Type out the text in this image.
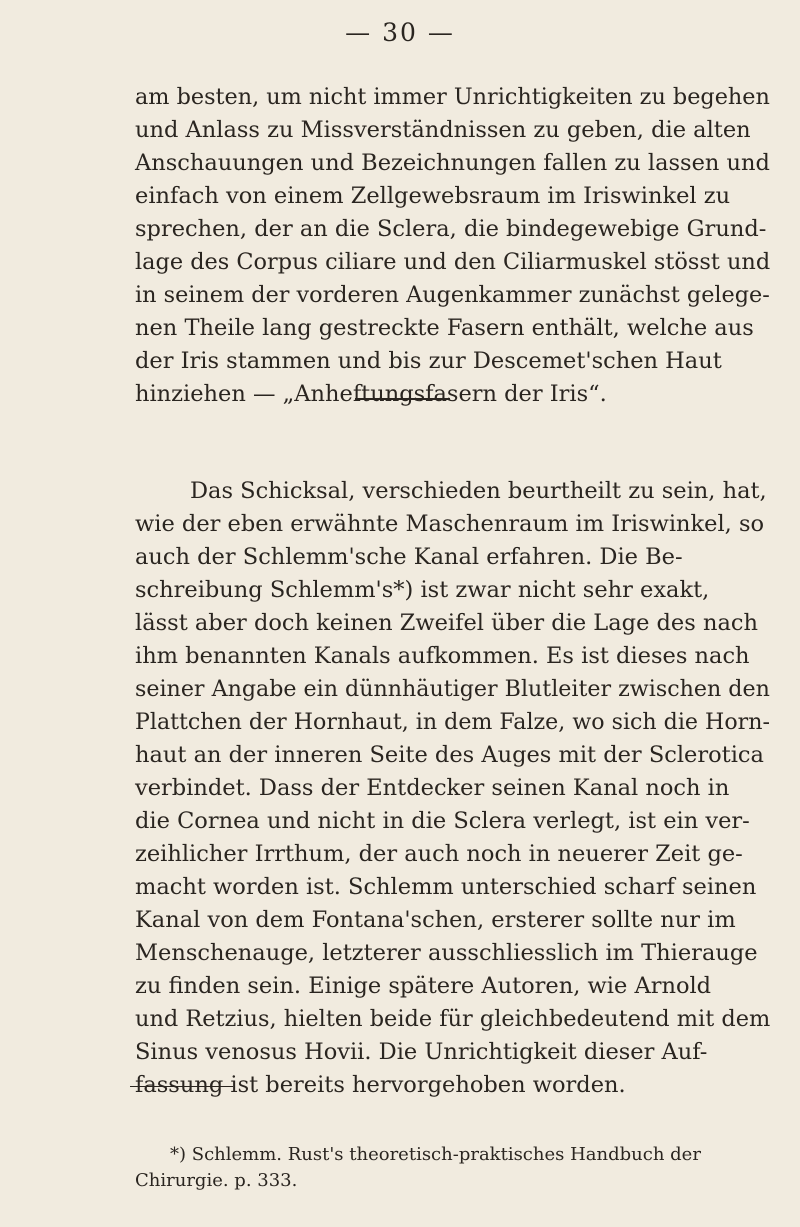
— 30 —
am besten, um nicht immer Unrichtigkeiten zu begehen
und Anlass zu Missverständnissen zu geben, die alten
Anschauungen und Bezeichnungen fallen zu lassen und
einfach von einem Zellgewebsraum im Iriswinkel zu
sprechen, der an die Sclera, die bindegewebige Grund-
lage des Corpus ciliare und den Ciliarmuskel stösst und
in seinem der vorderen Augenkammer zunächst gelege-
nen Theile lang gestreckte Fasern enthält, welche aus
der Iris stammen und bis zur Descemet'schen Haut
hinziehen — „Anheftungsfasern der Iris“.
Das Schicksal, verschieden beurtheilt zu sein, hat,
wie der eben erwähnte Maschenraum im Iriswinkel, so
auch der Schlemm'sche Kanal erfahren. Die Be-
schreibung Schlemm's*) ist zwar nicht sehr exakt,
lässt aber doch keinen Zweifel über die Lage des nach
ihm benannten Kanals aufkommen. Es ist dieses nach
seiner Angabe ein dünnhäutiger Blutleiter zwischen den
Plattchen der Hornhaut, in dem Falze, wo sich die Horn-
haut an der inneren Seite des Auges mit der Sclerotica
verbindet. Dass der Entdecker seinen Kanal noch in
die Cornea und nicht in die Sclera verlegt, ist ein ver-
zeihlicher Irrthum, der auch noch in neuerer Zeit ge-
macht worden ist. Schlemm unterschied scharf seinen
Kanal von dem Fontana'schen, ersterer sollte nur im
Menschenauge, letzterer ausschliesslich im Thierauge
zu finden sein. Einige spätere Autoren, wie Arnold
und Retzius, hielten beide für gleichbedeutend mit dem
Sinus venosus Hovii. Die Unrichtigkeit dieser Auf-
fassung ist bereits hervorgehoben worden.
*) Schlemm. Rust's theoretisch-praktisches Handbuch der
Chirurgie. p. 333.
